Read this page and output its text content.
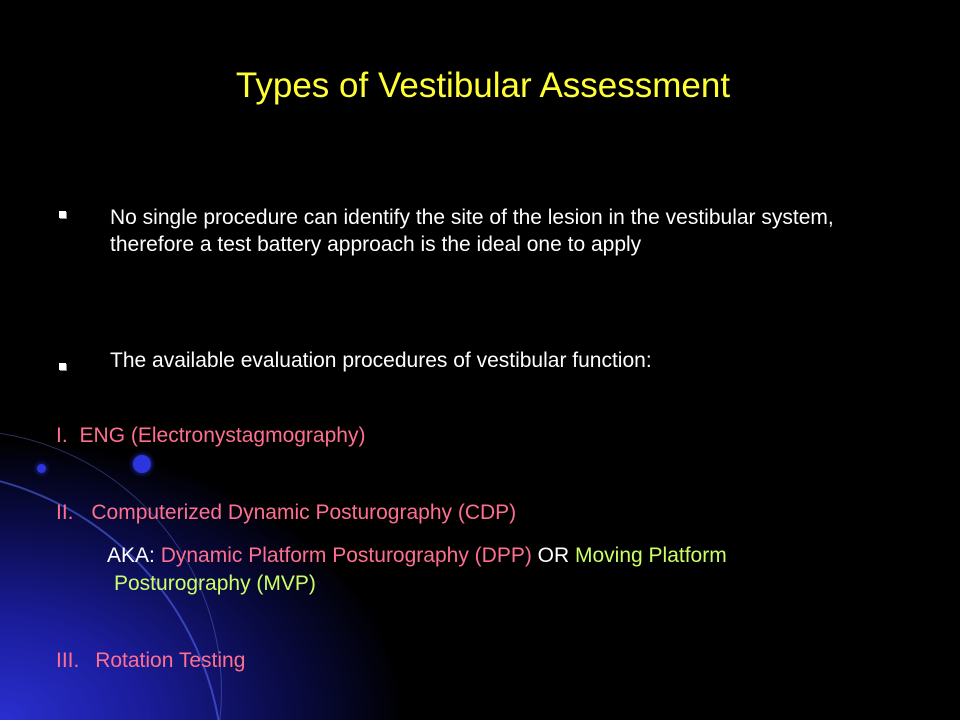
Types of Vestibular Assessment
No single procedure can identify the site of the lesion in the vestibular system, therefore a test battery approach is the ideal one to apply
The available evaluation procedures of vestibular function:
I. ENG (Electronystagmography)
II. Computerized Dynamic Posturography (CDP)
AKA: Dynamic Platform Posturography (DPP) OR Moving Platform
Posturography (MVP)
III. Rotation Testing
